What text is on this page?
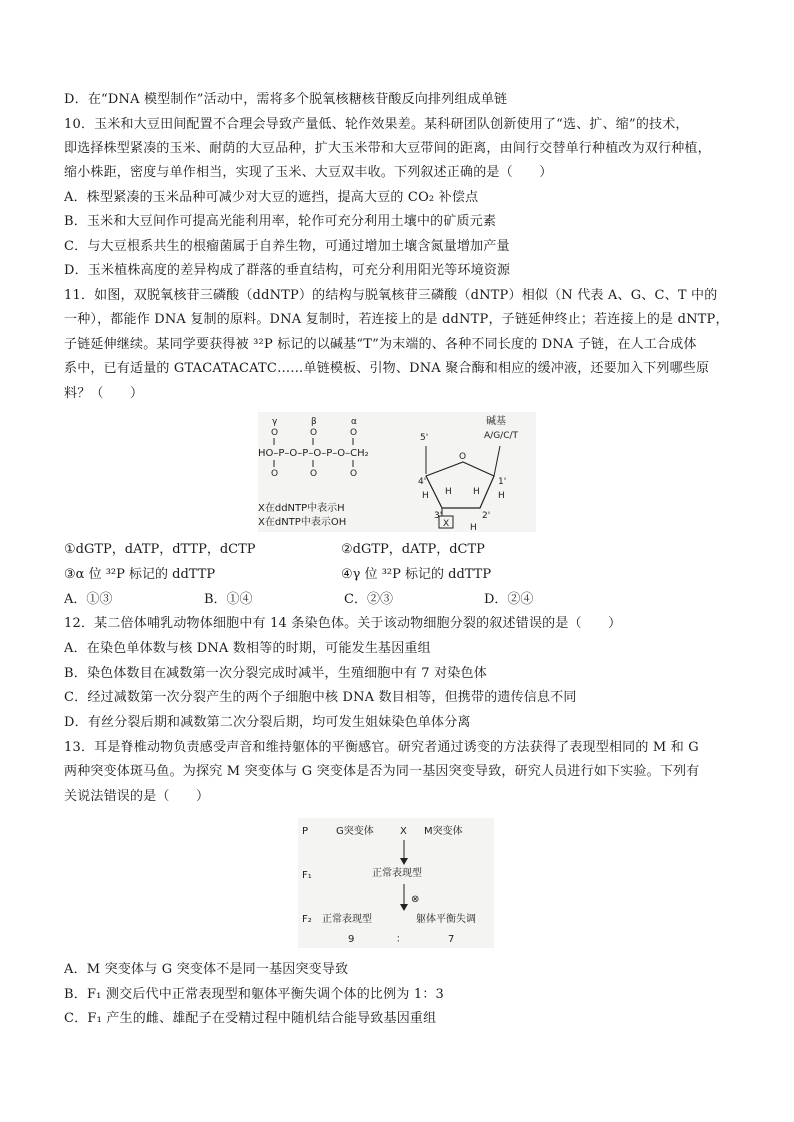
D．在“DNA 模型制作”活动中，需将多个脱氧核糖核苷酸反向排列组成单链
10．玉米和大豆田间配置不合理会导致产量低、轮作效果差。某科研团队创新使用了“选、扩、缩”的技术，
即选择株型紧凑的玉米、耐荫的大豆品种，扩大玉米带和大豆带间的距离，由间行交替单行种植改为双行种植，
缩小株距，密度与单作相当，实现了玉米、大豆双丰收。下列叙述正确的是（　　）
A．株型紧凑的玉米品种可减少对大豆的遮挡，提高大豆的 CO₂ 补偿点
B．玉米和大豆间作可提高光能利用率，轮作可充分利用土壤中的矿质元素
C．与大豆根系共生的根瘤菌属于自养生物，可通过增加土壤含氮量增加产量
D．玉米植株高度的差异构成了群落的垂直结构，可充分利用阳光等环境资源
11．如图，双脱氧核苷三磷酸（ddNTP）的结构与脱氧核苷三磷酸（dNTP）相似（N 代表 A、G、C、T 中的
一种），都能作 DNA 复制的原料。DNA 复制时，若连接上的是 ddNTP，子链延伸终止；若连接上的是 dNTP，
子链延伸继续。某同学要获得被 ³²P 标记的以碱基“T”为末端的、各种不同长度的 DNA 子链，在人工合成体
系中，已有适量的 GTACATACATC……单链模板、引物、DNA 聚合酶和相应的缓冲液，还要加入下列哪些原
料？（　　）
γ	β	α
O	O	O
HO–P–O–P–O–P–O–CH₂
O	O	O
5'
O
4'	1'
3'	2'
H	H
H H
H
碱基
A/G/C/T
X
X在ddNTP中表示H
X在dNTP中表示OH
①dGTP，dATP，dTTP，dCTP	②dGTP，dATP，dCTP
③α 位 ³²P 标记的 ddTTP	④γ 位 ³²P 标记的 ddTTP
A．①③	B．①④	C．②③	D．②④
12．某二倍体哺乳动物体细胞中有 14 条染色体。关于该动物细胞分裂的叙述错误的是（　　）
A．在染色单体数与核 DNA 数相等的时期，可能发生基因重组
B．染色体数目在减数第一次分裂完成时减半，生殖细胞中有 7 对染色体
C．经过减数第一次分裂产生的两个子细胞中核 DNA 数目相等，但携带的遗传信息不同
D．有丝分裂后期和减数第二次分裂后期，均可发生姐妹染色单体分离
13．耳是脊椎动物负责感受声音和维持躯体的平衡感官。研究者通过诱变的方法获得了表现型相同的 M 和 G
两种突变体斑马鱼。为探究 M 突变体与 G 突变体是否为同一基因突变导致，研究人员进行如下实验。下列有
关说法错误的是（　　）
P	G突变体	X M突变体
F₁	正常表现型
⊗
F₂ 正常表现型	躯体平衡失调
9	：	7
A．M 突变体与 G 突变体不是同一基因突变导致
B．F₁ 测交后代中正常表现型和躯体平衡失调个体的比例为 1：3
C．F₁ 产生的雌、雄配子在受精过程中随机结合能导致基因重组
